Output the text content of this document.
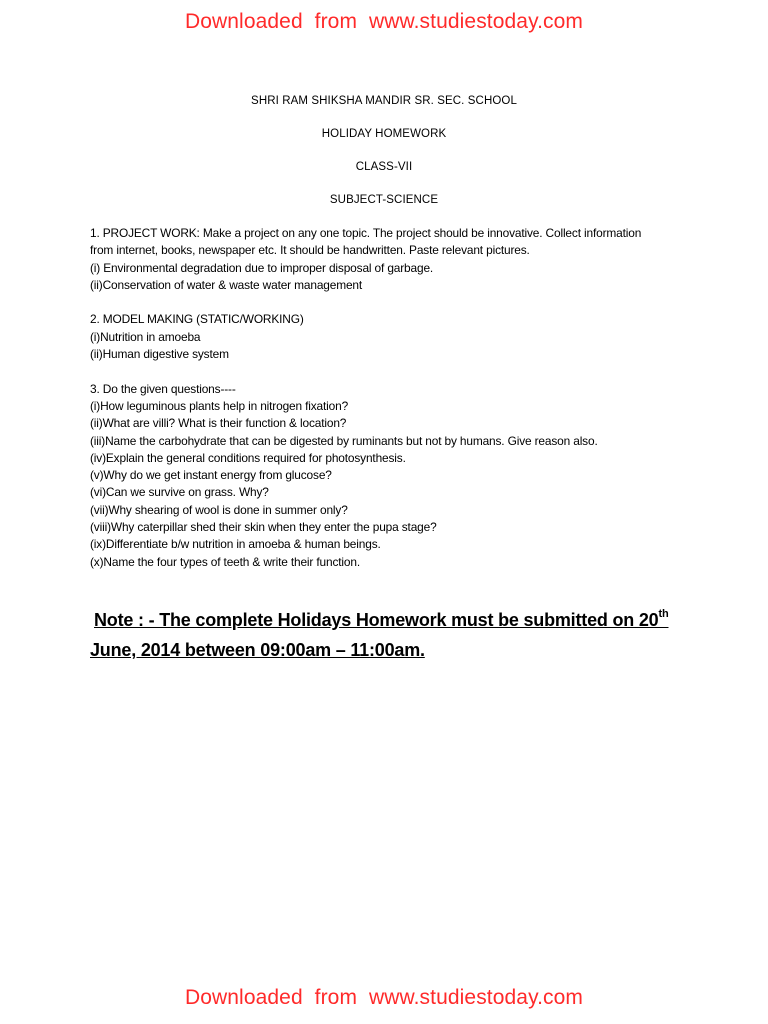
Downloaded from www.studiestoday.com

SHRI RAM SHIKSHA MANDIR SR. SEC. SCHOOL

HOLIDAY HOMEWORK

CLASS-VII

SUBJECT-SCIENCE

1. PROJECT WORK: Make a project on any one topic. The project should be innovative. Collect information

from internet, books, newspaper etc. It should be handwritten. Paste relevant pictures.

(i) Environmental degradation due to improper disposal of garbage.

(ii)Conservation of water & waste water management

2. MODEL MAKING (STATIC/WORKING)

(i)Nutrition in amoeba

(ii)Human digestive system

3. Do the given questions----

(i)How leguminous plants help in nitrogen fixation?

(ii)What are villi? What is their function & location?

(iii)Name the carbohydrate that can be digested by ruminants but not by humans. Give reason also.

(iv)Explain the general conditions required for photosynthesis.

(v)Why do we get instant energy from glucose?

(vi)Can we survive on grass. Why?

(vii)Why shearing of wool is done in summer only?

(viii)Why caterpillar shed their skin when they enter the pupa stage?

(ix)Differentiate b/w nutrition in amoeba & human beings.

(x)Name the four types of teeth & write their function.

Note : - The complete Holidays Homework must be submitted on 20th
June, 2014 between 09:00am – 11:00am.

Downloaded from www.studiestoday.com
